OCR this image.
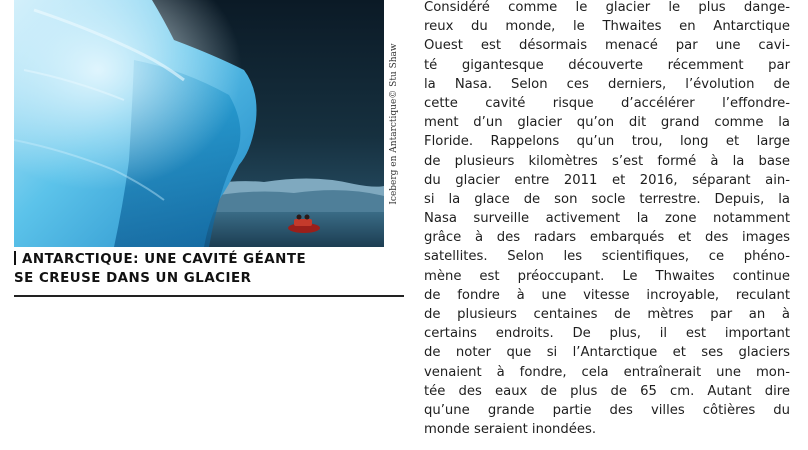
Iceberg en Antarctique© Stu Shaw
ANTARCTIQUE: UNE CAVITÉ GÉANTE
SE CREUSE DANS UN GLACIER
Considéré comme le glacier le plus dange-
reux du monde, le Thwaites en Antarctique
Ouest est désormais menacé par une cavi-
té gigantesque découverte récemment par
la Nasa. Selon ces derniers, l’évolution de
cette cavité risque d’accélérer l’effondre-
ment d’un glacier qu’on dit grand comme la
Floride. Rappelons qu’un trou, long et large
de plusieurs kilomètres s’est formé à la base
du glacier entre 2011 et 2016, séparant ain-
si la glace de son socle terrestre. Depuis, la
Nasa surveille activement la zone notamment
grâce à des radars embarqués et des images
satellites. Selon les scientifiques, ce phéno-
mène est préoccupant. Le Thwaites continue
de fondre à une vitesse incroyable, reculant
de plusieurs centaines de mètres par an à
certains endroits. De plus, il est important
de noter que si l’Antarctique et ses glaciers
venaient à fondre, cela entraînerait une mon-
tée des eaux de plus de 65 cm. Autant dire
qu’une grande partie des villes côtières du
monde seraient inondées.
